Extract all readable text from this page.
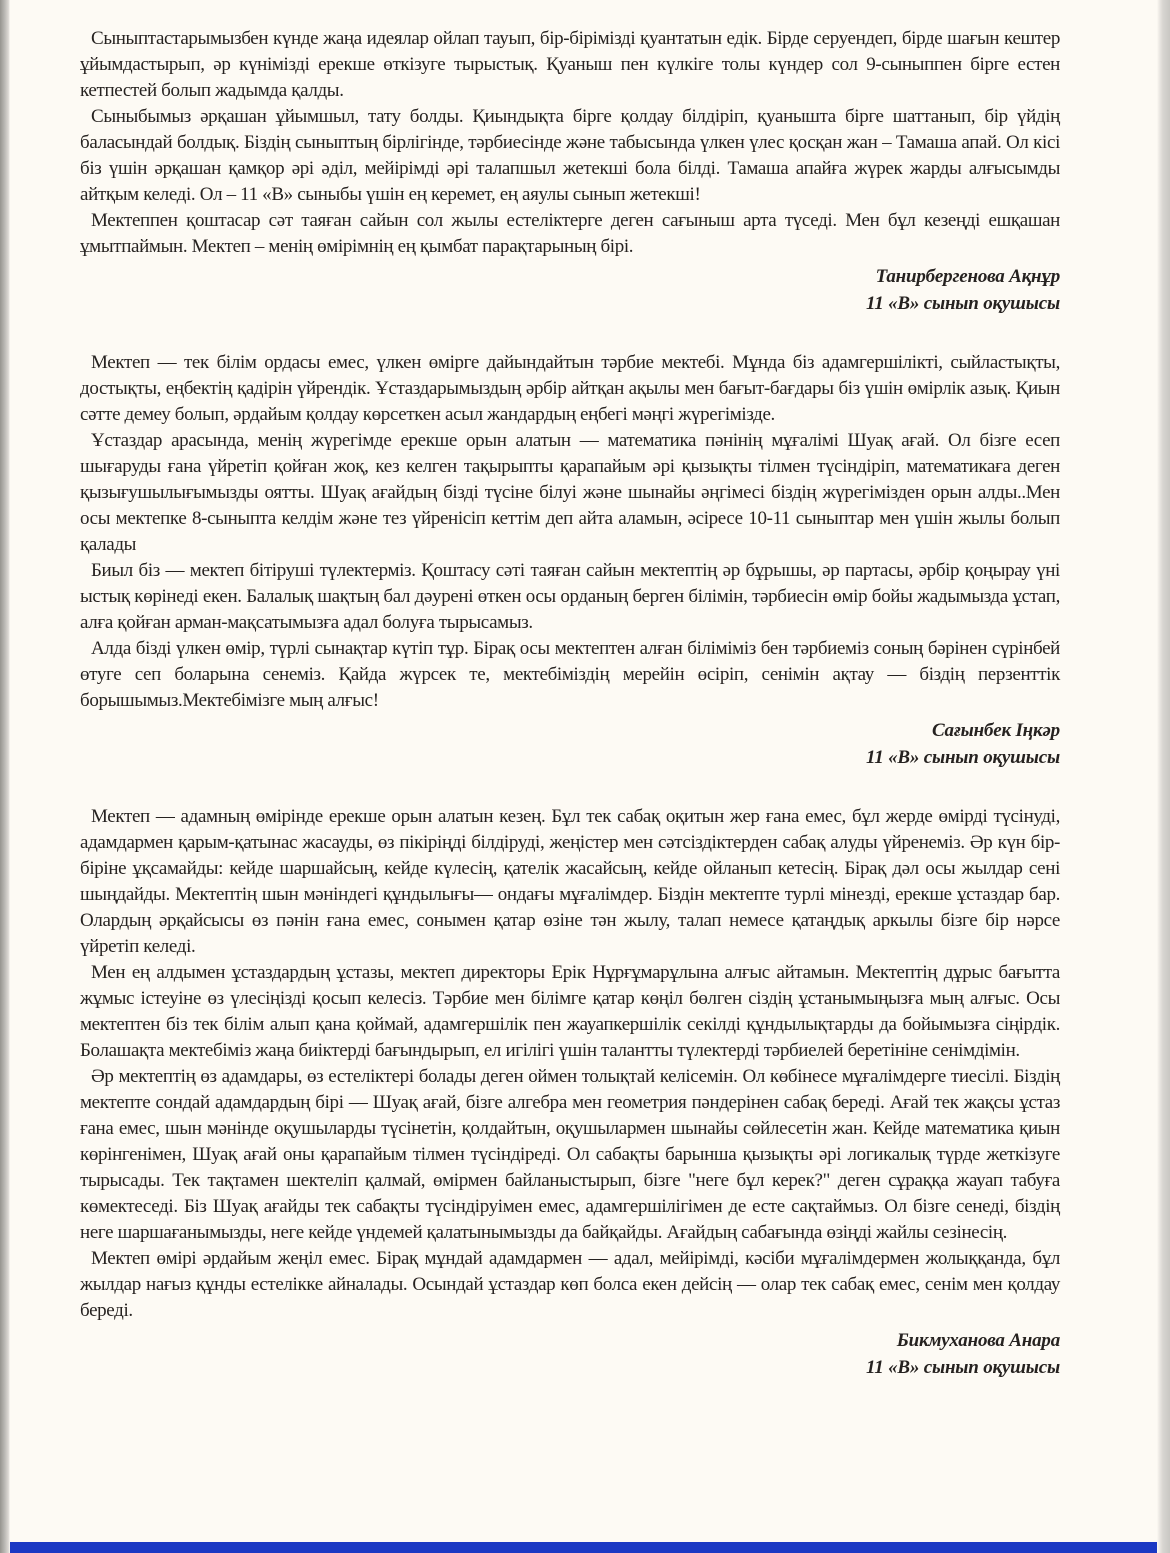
Сыныптастарымызбен күнде жаңа идеялар ойлап тауып, бір-бірімізді қуантатын едік. Бірде серуендеп, бірде шағын кештер ұйымдастырып, әр күнімізді ерекше өткізуге тырыстық. Қуаныш пен күлкіге толы күндер сол 9-сыныппен бірге естен кетпестей болып жадымда қалды.

Сыныбымыз әрқашан ұйымшыл, тату болды. Қиындықта бірге қолдау білдіріп, қуанышта бірге шаттанып, бір үйдің баласындай болдық. Біздің сыныптың бірлігінде, тәрбиесінде және табысында үлкен үлес қосқан жан – Тамаша апай. Ол кісі біз үшін әрқашан қамқор әрі әділ, мейірімді әрі талапшыл жетекші бола білді. Тамаша апайға жүрек жарды алғысымды айтқым келеді. Ол – 11 «В» сыныбы үшін ең керемет, ең аяулы сынып жетекші!

Мектеппен қоштасар сәт таяған сайын сол жылы естеліктерге деген сағыныш арта түседі. Мен бұл кезеңді ешқашан ұмытпаймын. Мектеп – менің өмірімнің ең қымбат парақтарының бірі.

Танирбергенова Ақнұр
11 «В» сынып оқушысы

Мектеп — тек білім ордасы емес, үлкен өмірге дайындайтын тәрбие мектебі. Мұнда біз адамгершілікті, сыйластықты, достықты, еңбектің қадірін үйрендік. Ұстаздарымыздың әрбір айтқан ақылы мен бағыт-бағдары біз үшін өмірлік азық. Қиын сәтте демеу болып, әрдайым қолдау көрсеткен асыл жандардың еңбегі мәңгі жүрегімізде.

Ұстаздар арасында, менің жүрегімде ерекше орын алатын — математика пәнінің мұғалімі Шуақ ағай. Ол бізге есеп шығаруды ғана үйретіп қойған жоқ, кез келген тақырыпты қарапайым әрі қызықты тілмен түсіндіріп, математикаға деген қызығушылығымызды оятты. Шуақ ағайдың бізді түсіне білуі және шынайы әңгімесі біздің жүрегімізден орын алды..Мен осы мектепке 8-сыныпта келдім және тез үйренісіп кеттім деп айта аламын, әсіресе 10-11 сыныптар мен үшін жылы болып қалады

Биыл біз — мектеп бітіруші түлектерміз. Қоштасу сәті таяған сайын мектептің әр бұрышы, әр партасы, әрбір қоңырау үні ыстық көрінеді екен. Балалық шақтың бал дәурені өткен осы орданың берген білімін, тәрбиесін өмір бойы жадымызда ұстап, алға қойған арман-мақсатымызға адал болуға тырысамыз.

Алда бізді үлкен өмір, түрлі сынақтар күтіп тұр. Бірақ осы мектептен алған біліміміз бен тәрбиеміз соның бәрінен сүрінбей өтуге сеп боларына сенеміз. Қайда жүрсек те, мектебіміздің мерейін өсіріп, сенімін ақтау — біздің перзенттік борышымыз.Мектебімізге мың алғыс!

Сағынбек Іңкәр
11 «В» сынып оқушысы

Мектеп — адамның өмірінде ерекше орын алатын кезең. Бұл тек сабақ оқитын жер ғана емес, бұл жерде өмірді түсінуді, адамдармен қарым-қатынас жасауды, өз пікіріңді білдіруді, жеңістер мен сәтсіздіктерден сабақ алуды үйренеміз. Әр күн бір-біріне ұқсамайды: кейде шаршайсың, кейде күлесің, қателік жасайсың, кейде ойланып кетесің. Бірақ дәл осы жылдар сені шыңдайды. Мектептің шын мәніндегі құндылығы— ондағы мұғалімдер. Біздін мектепте турлі мінезді, ерекше ұстаздар бар. Олардың әрқайсысы өз пәнін ғана емес, сонымен қатар өзіне тән жылу, талап немесе қатаңдық аркылы бізге бір нәрсе үйретіп келеді.

Мен ең алдымен ұстаздардың ұстазы, мектеп директоры Ерік Нұрғұмарұлына алғыс айтамын. Мектептің дұрыс бағытта жұмыс істеуіне өз үлесіңізді қосып келесіз. Тәрбие мен білімге қатар көңіл бөлген сіздің ұстанымыңызға мың алғыс. Осы мектептен біз тек білім алып қана қоймай, адамгершілік пен жауапкершілік секілді құндылықтарды да бойымызға сіңірдік. Болашақта мектебіміз жаңа биіктерді бағындырып, ел игілігі үшін талантты түлектерді тәрбиелей беретініне сенімдімін.

Әр мектептің өз адамдары, өз естеліктері болады деген оймен толықтай келісемін. Ол көбінесе мұғалімдерге тиесілі. Біздің мектепте сондай адамдардың бірі — Шуақ ағай, бізге алгебра мен геометрия пәндерінен сабақ береді. Ағай тек жақсы ұстаз ғана емес, шын мәнінде оқушыларды түсінетін, қолдайтын, оқушылармен шынайы сөйлесетін жан. Кейде математика қиын көрінгенімен, Шуақ ағай оны қарапайым тілмен түсіндіреді. Ол сабақты барынша қызықты әрі логикалық түрде жеткізуге тырысады. Тек тақтамен шектеліп қалмай, өмірмен байланыстырып, бізге "неге бұл керек?" деген сұраққа жауап табуға көмектеседі. Біз Шуақ ағайды тек сабақты түсіндіруімен емес, адамгершілігімен де есте сақтаймыз. Ол бізге сенеді, біздің неге шаршағанымызды, неге кейде үндемей қалатынымызды да байқайды. Ағайдың сабағында өзіңді жайлы сезінесің.

Мектеп өмірі әрдайым жеңіл емес. Бірақ мұндай адамдармен — адал, мейірімді, кәсіби мұғалімдермен жолыққанда, бұл жылдар нағыз құнды естелікке айналады. Осындай ұстаздар көп болса екен дейсің — олар тек сабақ емес, сенім мен қолдау береді.

Бикмуханова Анара
11 «В» сынып оқушысы
